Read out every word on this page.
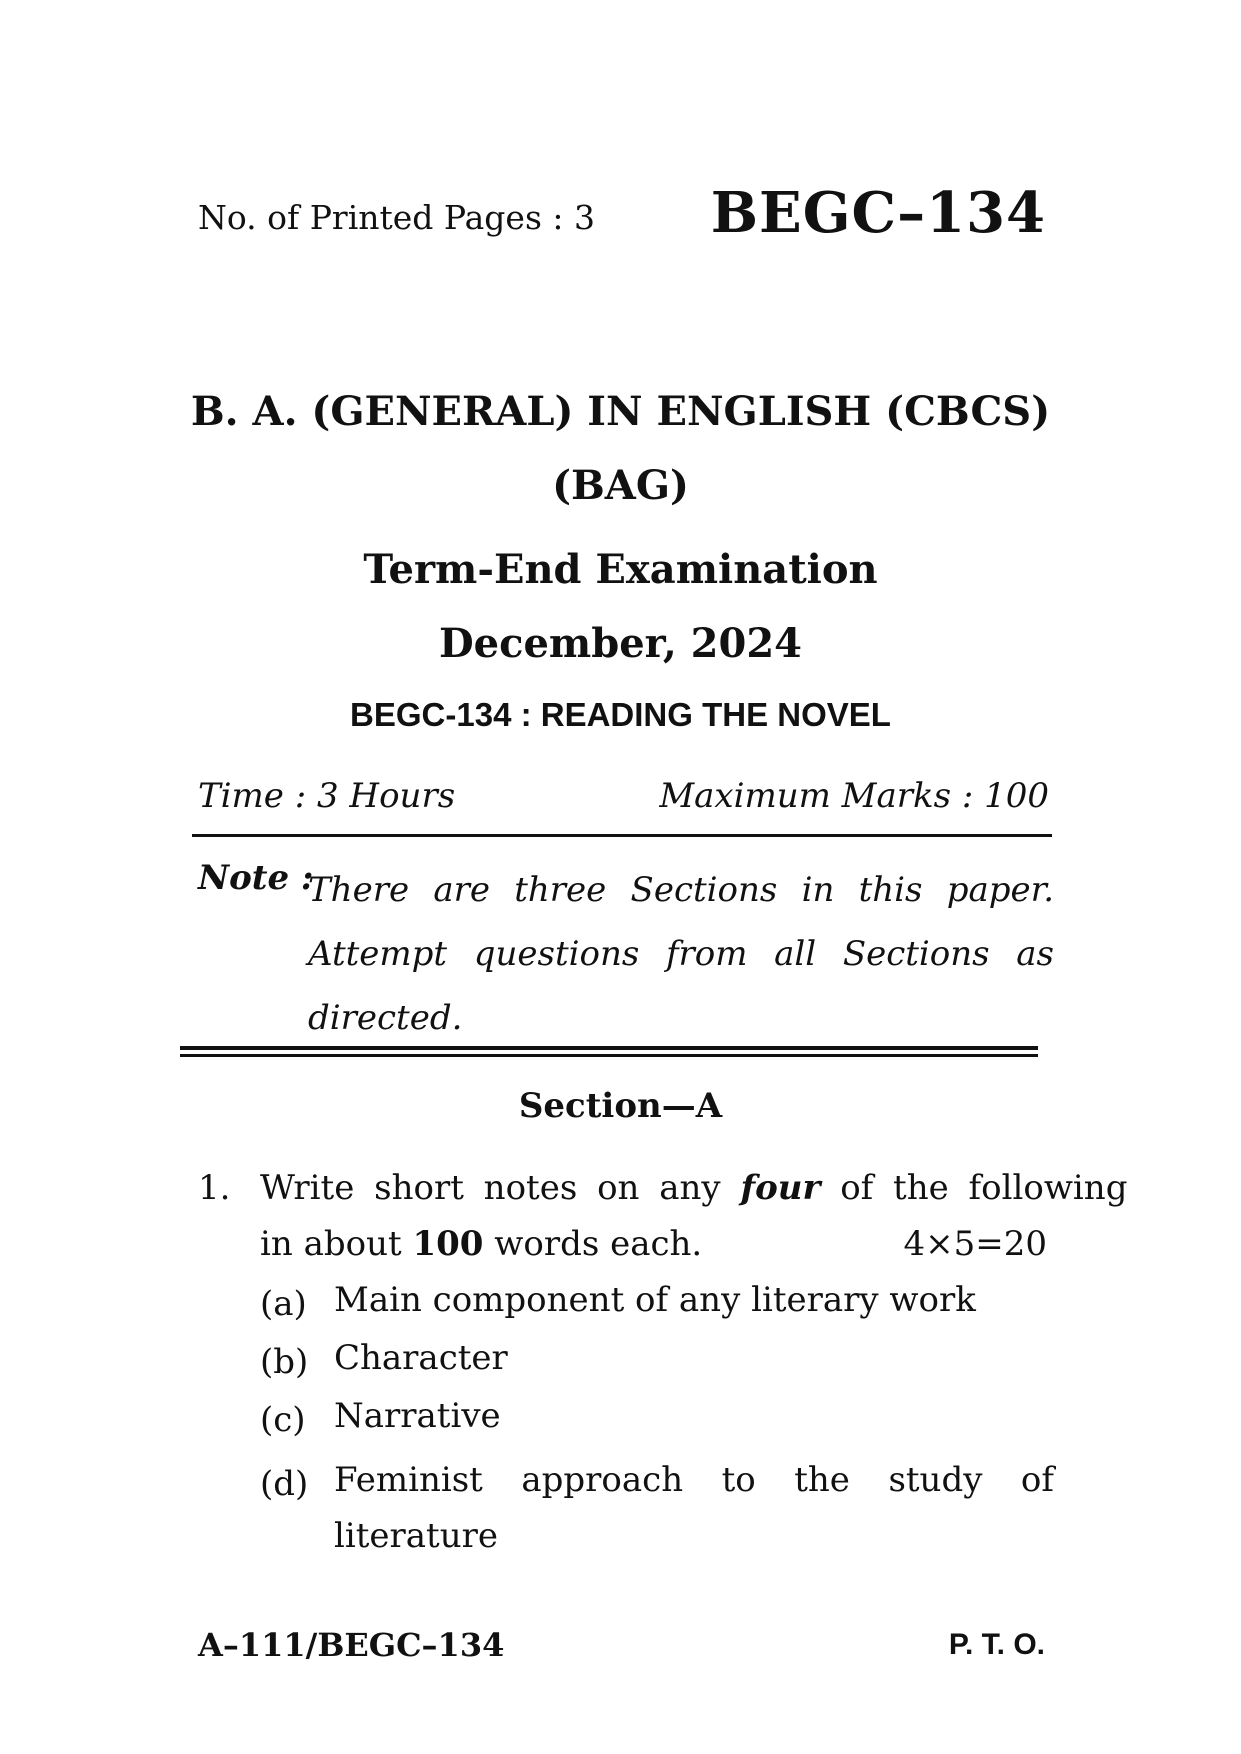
No. of Printed Pages : 3 BEGC–134
B. A. (GENERAL) IN ENGLISH (CBCS)
(BAG)
Term-End Examination
December, 2024
BEGC-134 : READING THE NOVEL
Time : 3 Hours	Maximum Marks : 100
Note :
There are three Sections in this paper. Attempt questions from all Sections as directed.
Section—A
1. Write short notes on any four of the following
in about 100 words each.	4×5=20
(a) Main component of any literary work
(b) Character
(c) Narrative
(d) Feminist approach to the study of literature
A–111/BEGC–134	P. T. O.
